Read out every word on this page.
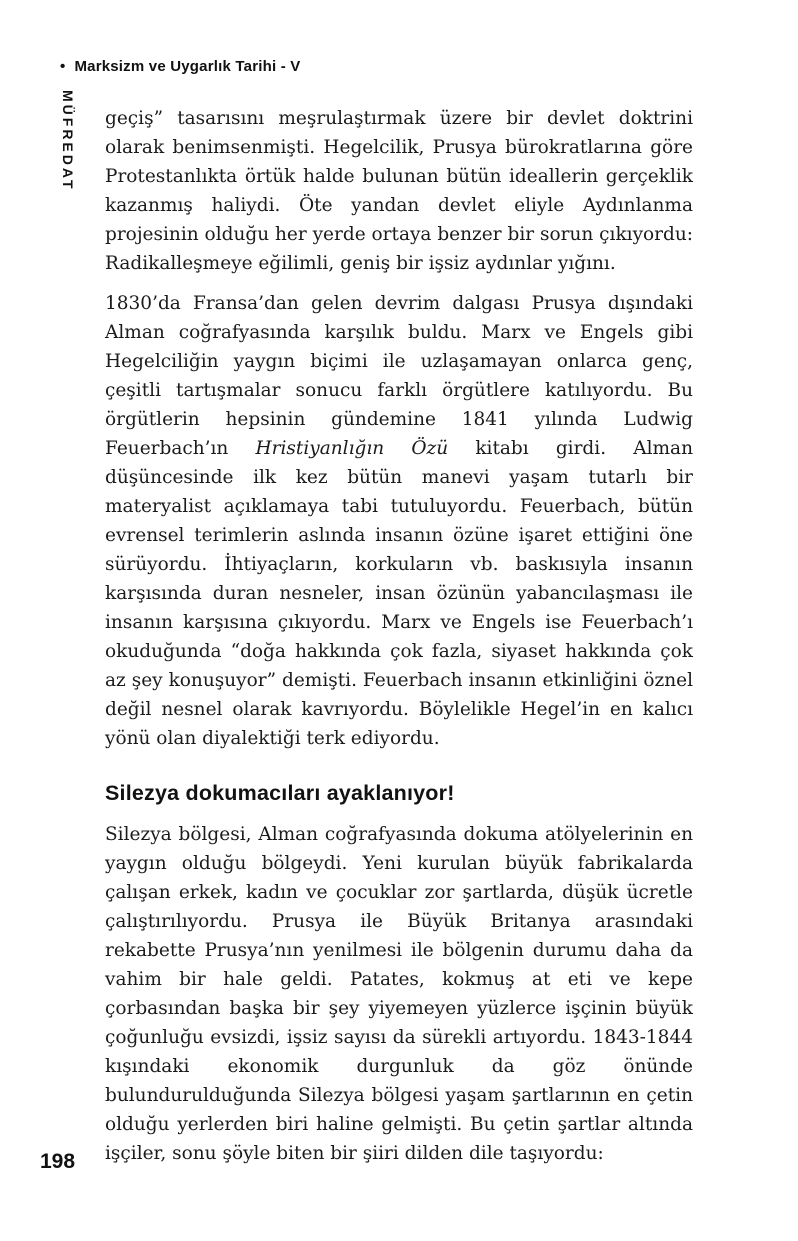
• Marksizm ve Uygarlık Tarihi - V
MÜFREDAT geçiş” tasarısını meşrulaştırmak üzere bir devlet doktrini olarak benimsenmişti. Hegelcilik, Prusya bürokratlarına göre Protestanlıkta örtük halde bulunan bütün ideallerin gerçeklik kazanmış haliydi. Öte yandan devlet eliyle Aydınlanma projesinin olduğu her yerde ortaya benzer bir sorun çıkıyordu: Radikalleşmeye eğilimli, geniş bir işsiz aydınlar yığını.

1830’da Fransa’dan gelen devrim dalgası Prusya dışındaki Alman coğrafyasında karşılık buldu. Marx ve Engels gibi Hegelciliğin yaygın biçimi ile uzlaşamayan onlarca genç, çeşitli tartışmalar sonucu farklı örgütlere katılıyordu. Bu örgütlerin hepsinin gündemine 1841 yılında Ludwig Feuerbach’ın Hristiyanlığın Özü kitabı girdi. Alman düşüncesinde ilk kez bütün manevi yaşam tutarlı bir materyalist açıklamaya tabi tutuluyordu. Feuerbach, bütün evrensel terimlerin aslında insanın özüne işaret ettiğini öne sürüyordu. İhtiyaçların, korkuların vb. baskısıyla insanın karşısında duran nesneler, insan özünün yabancılaşması ile insanın karşısına çıkıyordu. Marx ve Engels ise Feuerbach’ı okuduğunda “doğa hakkında çok fazla, siyaset hakkında çok az şey konuşuyor” demişti. Feuerbach insanın etkinliğini öznel değil nesnel olarak kavrıyordu. Böylelikle Hegel’in en kalıcı yönü olan diyalektiği terk ediyordu.

Silezya dokumacıları ayaklanıyor!

Silezya bölgesi, Alman coğrafyasında dokuma atölyelerinin en yaygın olduğu bölgeydi. Yeni kurulan büyük fabrikalarda çalışan erkek, kadın ve çocuklar zor şartlarda, düşük ücretle çalıştırılıyordu. Prusya ile Büyük Britanya arasındaki rekabette Prusya’nın yenilmesi ile bölgenin durumu daha da vahim bir hale geldi. Patates, kokmuş at eti ve kepe çorbasından başka bir şey yiyemeyen yüzlerce işçinin büyük çoğunluğu evsizdi, işsiz sayısı da sürekli artıyordu. 1843-1844 kışındaki ekonomik durgunluk da göz önünde bulundurulduğunda Silezya bölgesi yaşam şartlarının en çetin olduğu yerlerden biri haline gelmişti. Bu çetin şartlar altında işçiler, sonu şöyle biten bir şiiri dilden dile taşıyordu:

198
